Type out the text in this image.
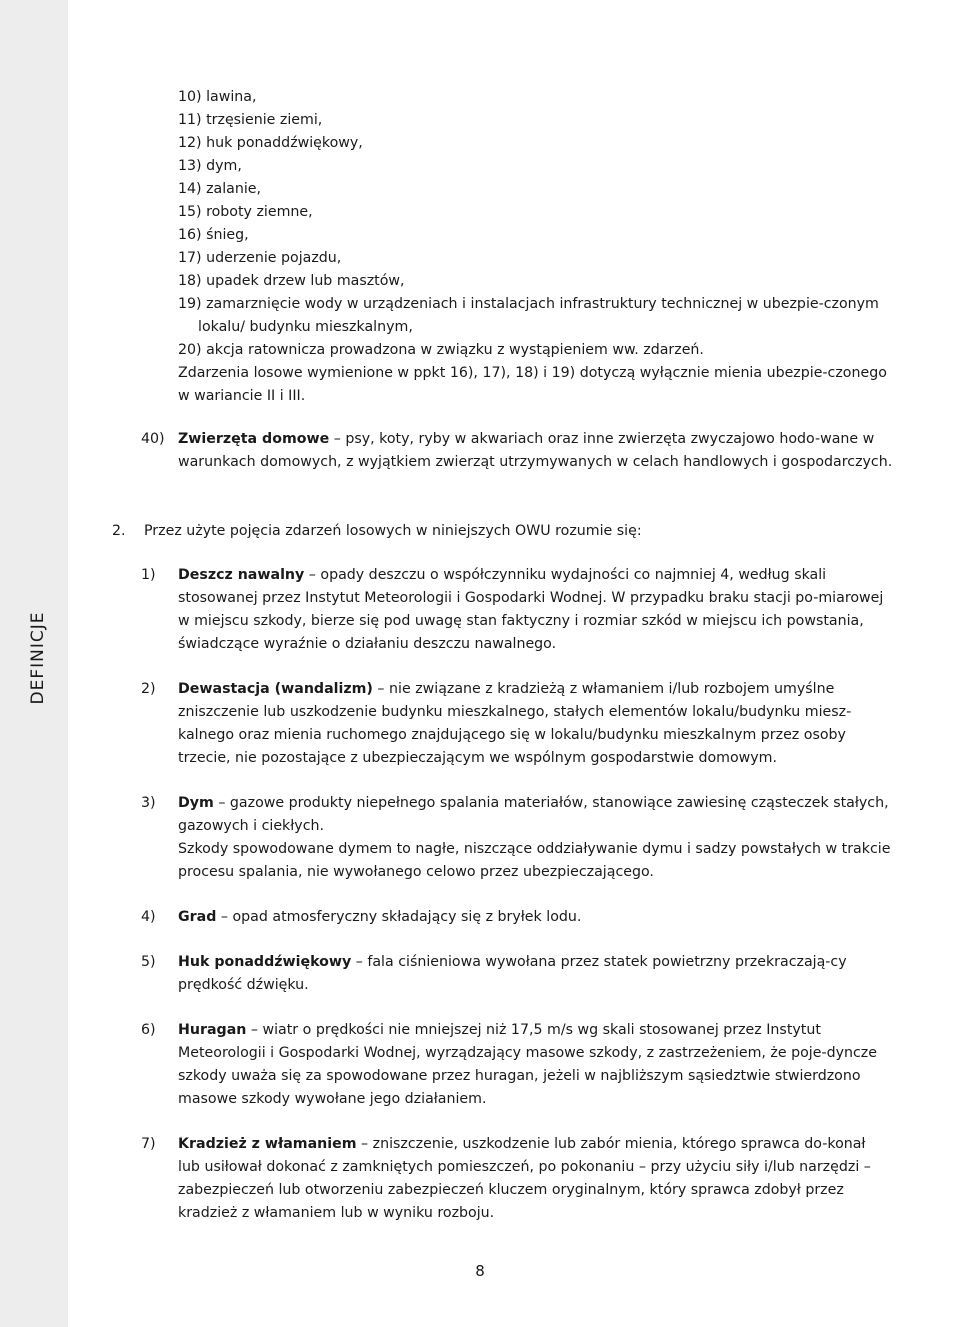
DEFINICJE

10) lawina,

11) trzęsienie ziemi,

12) huk ponaddźwiękowy,

13) dym,

14) zalanie,

15) roboty ziemne,

16) śnieg,

17) uderzenie pojazdu,

18) upadek drzew lub masztów,

19) zamarznięcie wody w urządzeniach i instalacjach infrastruktury technicznej w ubezpie-czonym lokalu/ budynku mieszkalnym,

20) akcja ratownicza prowadzona w związku z wystąpieniem ww. zdarzeń.

Zdarzenia losowe wymienione w ppkt 16), 17), 18) i 19) dotyczą wyłącznie mienia ubezpie-czonego w wariancie II i III.

40) Zwierzęta domowe – psy, koty, ryby w akwariach oraz inne zwierzęta zwyczajowo hodo-wane w warunkach domowych, z wyjątkiem zwierząt utrzymywanych w celach handlowych i gospodarczych.

2. Przez użyte pojęcia zdarzeń losowych w niniejszych OWU rozumie się:

1) Deszcz nawalny – opady deszczu o współczynniku wydajności co najmniej 4, według skali stosowanej przez Instytut Meteorologii i Gospodarki Wodnej. W przypadku braku stacji po-miarowej w miejscu szkody, bierze się pod uwagę stan faktyczny i rozmiar szkód w miejscu ich powstania, świadczące wyraźnie o działaniu deszczu nawalnego.

2) Dewastacja (wandalizm) – nie związane z kradzieżą z włamaniem i/lub rozbojem umyślne zniszczenie lub uszkodzenie budynku mieszkalnego, stałych elementów lokalu/budynku miesz-kalnego oraz mienia ruchomego znajdującego się w lokalu/budynku mieszkalnym przez osoby trzecie, nie pozostające z ubezpieczającym we wspólnym gospodarstwie domowym.

3) Dym – gazowe produkty niepełnego spalania materiałów, stanowiące zawiesinę cząsteczek stałych, gazowych i ciekłych.
Szkody spowodowane dymem to nagłe, niszczące oddziaływanie dymu i sadzy powstałych w trakcie procesu spalania, nie wywołanego celowo przez ubezpieczającego.

4) Grad – opad atmosferyczny składający się z bryłek lodu.

5) Huk ponaddźwiękowy – fala ciśnieniowa wywołana przez statek powietrzny przekraczają-cy prędkość dźwięku.

6) Huragan – wiatr o prędkości nie mniejszej niż 17,5 m/s wg skali stosowanej przez Instytut Meteorologii i Gospodarki Wodnej, wyrządzający masowe szkody, z zastrzeżeniem, że poje-dyncze szkody uważa się za spowodowane przez huragan, jeżeli w najbliższym sąsiedztwie stwierdzono masowe szkody wywołane jego działaniem.

7) Kradzież z włamaniem – zniszczenie, uszkodzenie lub zabór mienia, którego sprawca do-konał lub usiłował dokonać z zamkniętych pomieszczeń, po pokonaniu – przy użyciu siły i/lub narzędzi – zabezpieczeń lub otworzeniu zabezpieczeń kluczem oryginalnym, który sprawca zdobył przez kradzież z włamaniem lub w wyniku rozboju.

8
